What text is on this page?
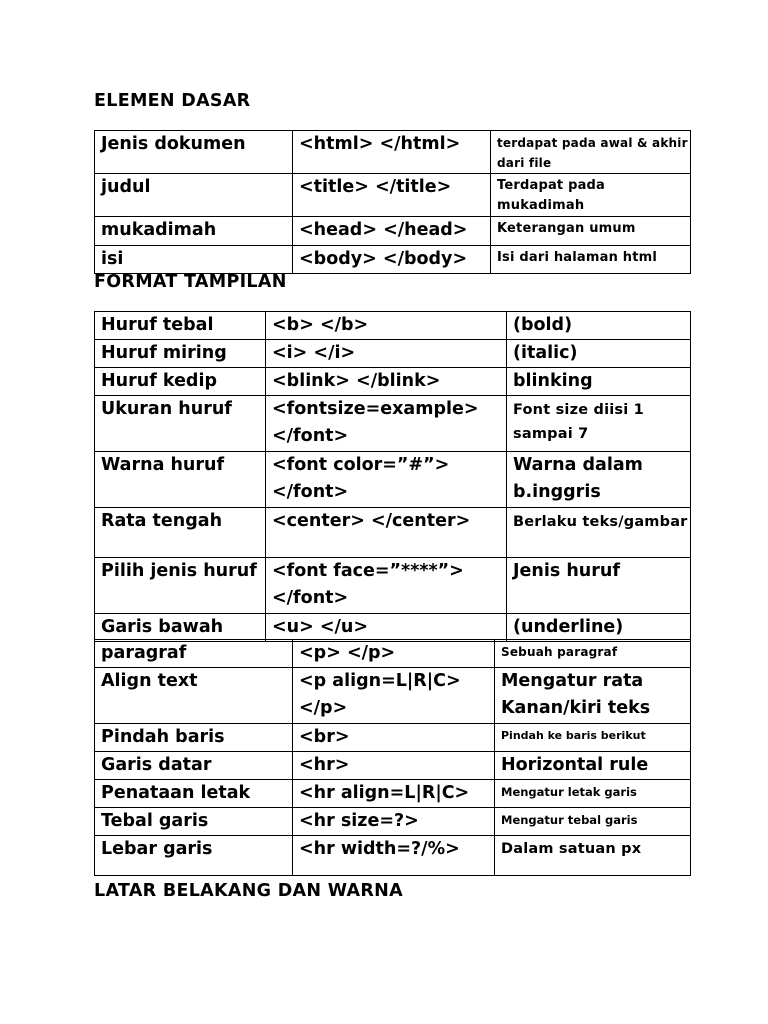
ELEMEN DASAR
Jenis dokumen	<html> </html>	terdapat pada awal & akhir dari file
judul	<title> </title>	Terdapat pada mukadimah
mukadimah	<head> </head>	Keterangan umum
isi	<body> </body>	Isi dari halaman html
FORMAT TAMPILAN
Huruf tebal	<b> </b>	(bold)
Huruf miring	<i> </i>	(italic)
Huruf kedip	<blink> </blink>	blinking
Ukuran huruf	<fontsize=example> </font>	Font size diisi 1 sampai 7
Warna huruf	<font color=”#”> </font>	Warna dalam b.inggris
Rata tengah	<center> </center>	Berlaku teks/gambar
Pilih jenis huruf	<font face=”****”> </font>	Jenis huruf
Garis bawah	<u> </u>	(underline)
paragraf	<p> </p>	Sebuah paragraf
Align text	<p align=L|R|C> </p>	Mengatur rata Kanan/kiri teks
Pindah baris	<br>	Pindah ke baris berikut
Garis datar	<hr>	Horizontal rule
Penataan letak	<hr align=L|R|C>	Mengatur letak garis
Tebal garis	<hr size=?>	Mengatur tebal garis
Lebar garis	<hr width=?/%>	Dalam satuan px
LATAR BELAKANG DAN WARNA
